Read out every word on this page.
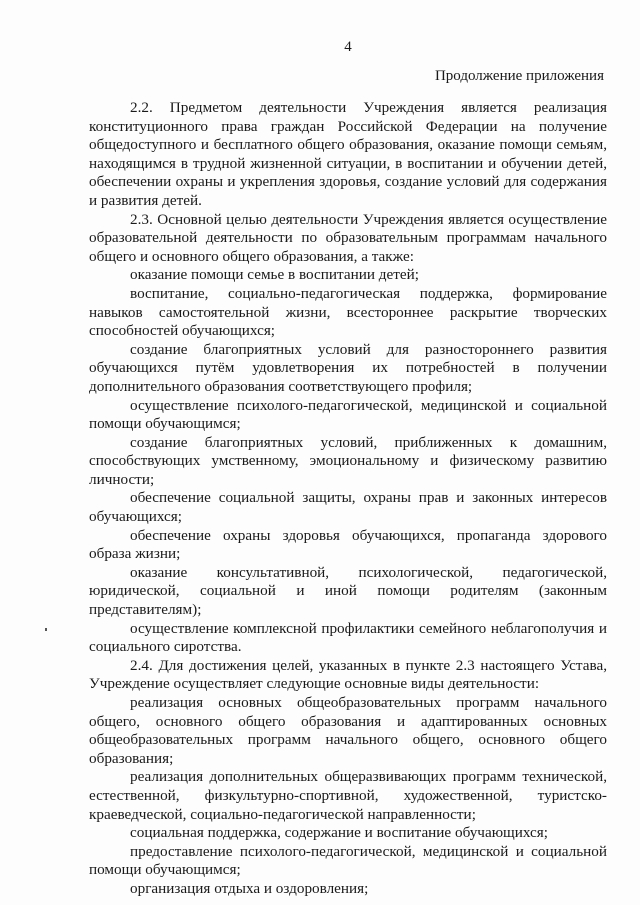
4
Продолжение приложения

2.2. Предметом деятельности Учреждения является реализация конституционного права граждан Российской Федерации на получение общедоступного и бесплатного общего образования, оказание помощи семьям, находящимся в трудной жизненной ситуации, в воспитании и обучении детей, обеспечении охраны и укрепления здоровья, создание условий для содержания и развития детей.

2.3. Основной целью деятельности Учреждения является осуществление образовательной деятельности по образовательным программам начального общего и основного общего образования, а также:

оказание помощи семье в воспитании детей;

воспитание, социально-педагогическая поддержка, формирование навыков самостоятельной жизни, всестороннее раскрытие творческих способностей обучающихся;

создание благоприятных условий для разностороннего развития обучающихся путём удовлетворения их потребностей в получении дополнительного образования соответствующего профиля;

осуществление психолого-педагогической, медицинской и социальной помощи обучающимся;

создание благоприятных условий, приближенных к домашним, способствующих умственному, эмоциональному и физическому развитию личности;

обеспечение социальной защиты, охраны прав и законных интересов обучающихся;

обеспечение охраны здоровья обучающихся, пропаганда здорового образа жизни;

оказание консультативной, психологической, педагогической, юридической, социальной и иной помощи родителям (законным представителям);

осуществление комплексной профилактики семейного неблагополучия и социального сиротства.

2.4. Для достижения целей, указанных в пункте 2.3 настоящего Устава, Учреждение осуществляет следующие основные виды деятельности:

реализация основных общеобразовательных программ начального общего, основного общего образования и адаптированных основных общеобразовательных программ начального общего, основного общего образования;

реализация дополнительных общеразвивающих программ технической, естественной, физкультурно-спортивной, художественной, туристско-краеведческой, социально-педагогической направленности;

социальная поддержка, содержание и воспитание обучающихся;

предоставление психолого-педагогической, медицинской и социальной помощи обучающимся;

организация отдыха и оздоровления;
